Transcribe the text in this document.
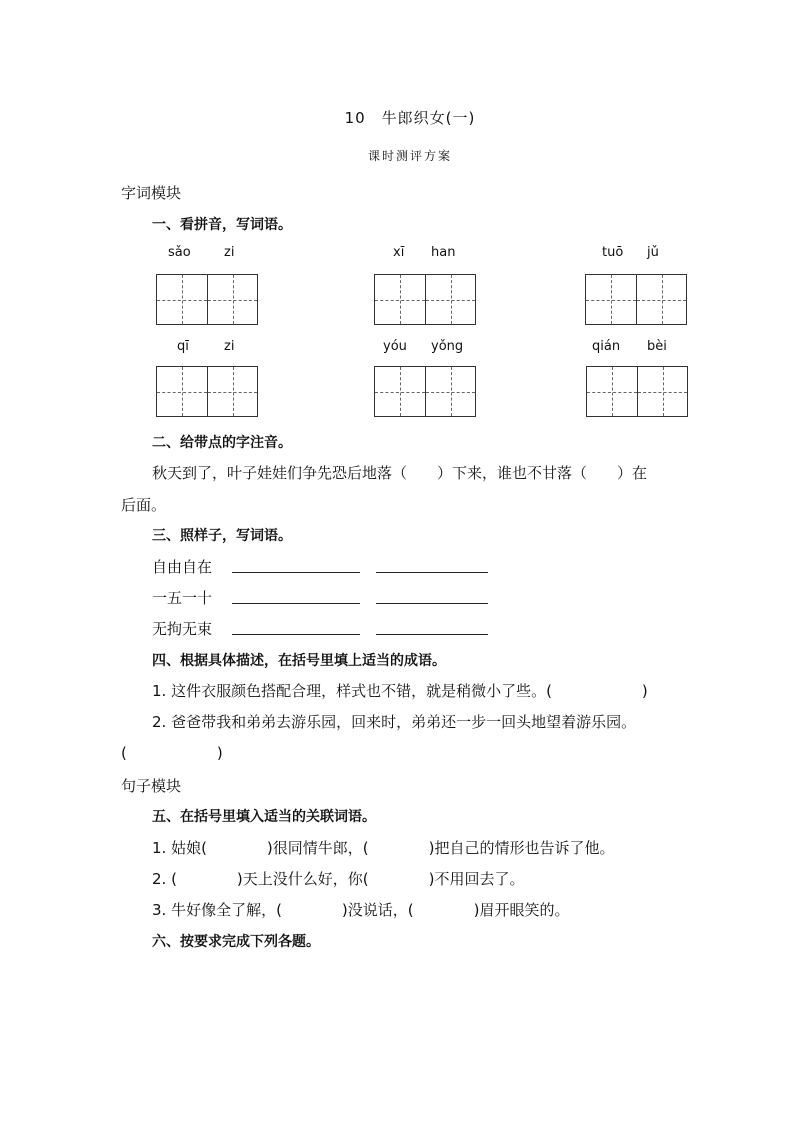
10　牛郎织女(一)
课时测评方案
字词模块
一、看拼音，写词语。
sǎo	zi	xī han	tuō jǔ
qī	zi	yóu yǒng	qián bèi
二、给带点的字注音。
秋天到了，叶子娃娃们争先恐后地落（　　）下来，谁也不甘落（　　）在
后面。
三、照样子，写词语。
自由自在
一五一十
无拘无束
四、根据具体描述，在括号里填上适当的成语。
1. 这件衣服颜色搭配合理，样式也不错，就是稍微小了些。(　　　　　　)
2. 爸爸带我和弟弟去游乐园，回来时，弟弟还一步一回头地望着游乐园。
(　　　　　　)
句子模块
五、在括号里填入适当的关联词语。
1. 姑娘(　　　　)很同情牛郎，(　　　　)把自己的情形也告诉了他。
2. (　　　　)天上没什么好，你(　　　　)不用回去了。
3. 牛好像全了解，(　　　　)没说话，(　　　　)眉开眼笑的。
六、按要求完成下列各题。
